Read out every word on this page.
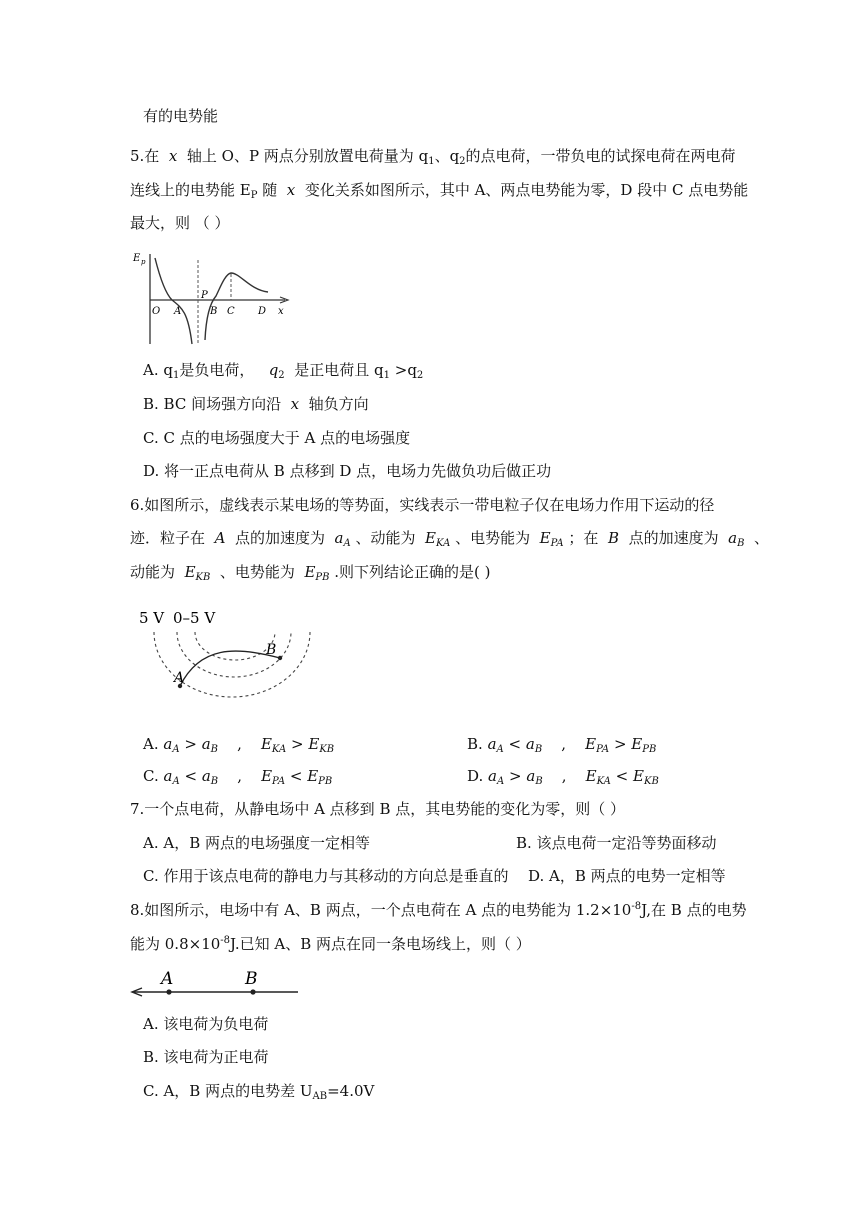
有的电势能
5.在 x 轴上 O、P 两点分别放置电荷量为 $q_1$、$q_2$的点电荷，一带负电的试探电荷在两电荷
连线上的电势能 $E_P$ 随 x 变化关系如图所示，其中 A、两点电势能为零，D 段中 C 点电势能
最大，则 （ ）
E p
O A
P
B C D x
A. $q_1$是负电荷， $q_2$ 是正电荷且 $q_1 >q_2$
B. BC 间场强方向沿 x 轴负方向
C. C 点的电场强度大于 A 点的电场强度
D. 将一正点电荷从 B 点移到 D 点，电场力先做负功后做正功
6.如图所示，虚线表示某电场的等势面，实线表示一带电粒子仅在电场力作用下运动的径
迹．粒子在 A 点的加速度为 $a_A$ 、动能为 $E_{KA}$ 、电势能为 $E_{PA}$ ；在 B 点的加速度为 $a_B$  、
动能为 $E_{KB}$ 、电势能为 $E_{PB}$ .则下列结论正确的是( )
5 V 0–5 V
A
B
A. $a_A > a_B$ , $E_{KA} > E_{KB}$	B. $a_A < a_B$ , $E_{PA} > E_{PB}$
C. $a_A < a_B$ , $E_{PA} < E_{PB}$	D. $a_A > a_B$ , $E_{KA} < E_{KB}$
7.一个点电荷，从静电场中 A 点移到 B 点，其电势能的变化为零，则（ ）
A. A，B 两点的电场强度一定相等	B. 该点电荷一定沿等势面移动
C. 作用于该点电荷的静电力与其移动的方向总是垂直的 D. A，B 两点的电势一定相等
8.如图所示，电场中有 A、B 两点，一个点电荷在 A 点的电势能为 $1.2\times 10^{-8}J$,在 B 点的电势
能为 $0.8\times 10^{-8}J$.已知 A、B 两点在同一条电场线上，则（ ）
A	B
A. 该电荷为负电荷
B. 该电荷为正电荷
C. A，B 两点的电势差 $U_{AB}=4.0V$
